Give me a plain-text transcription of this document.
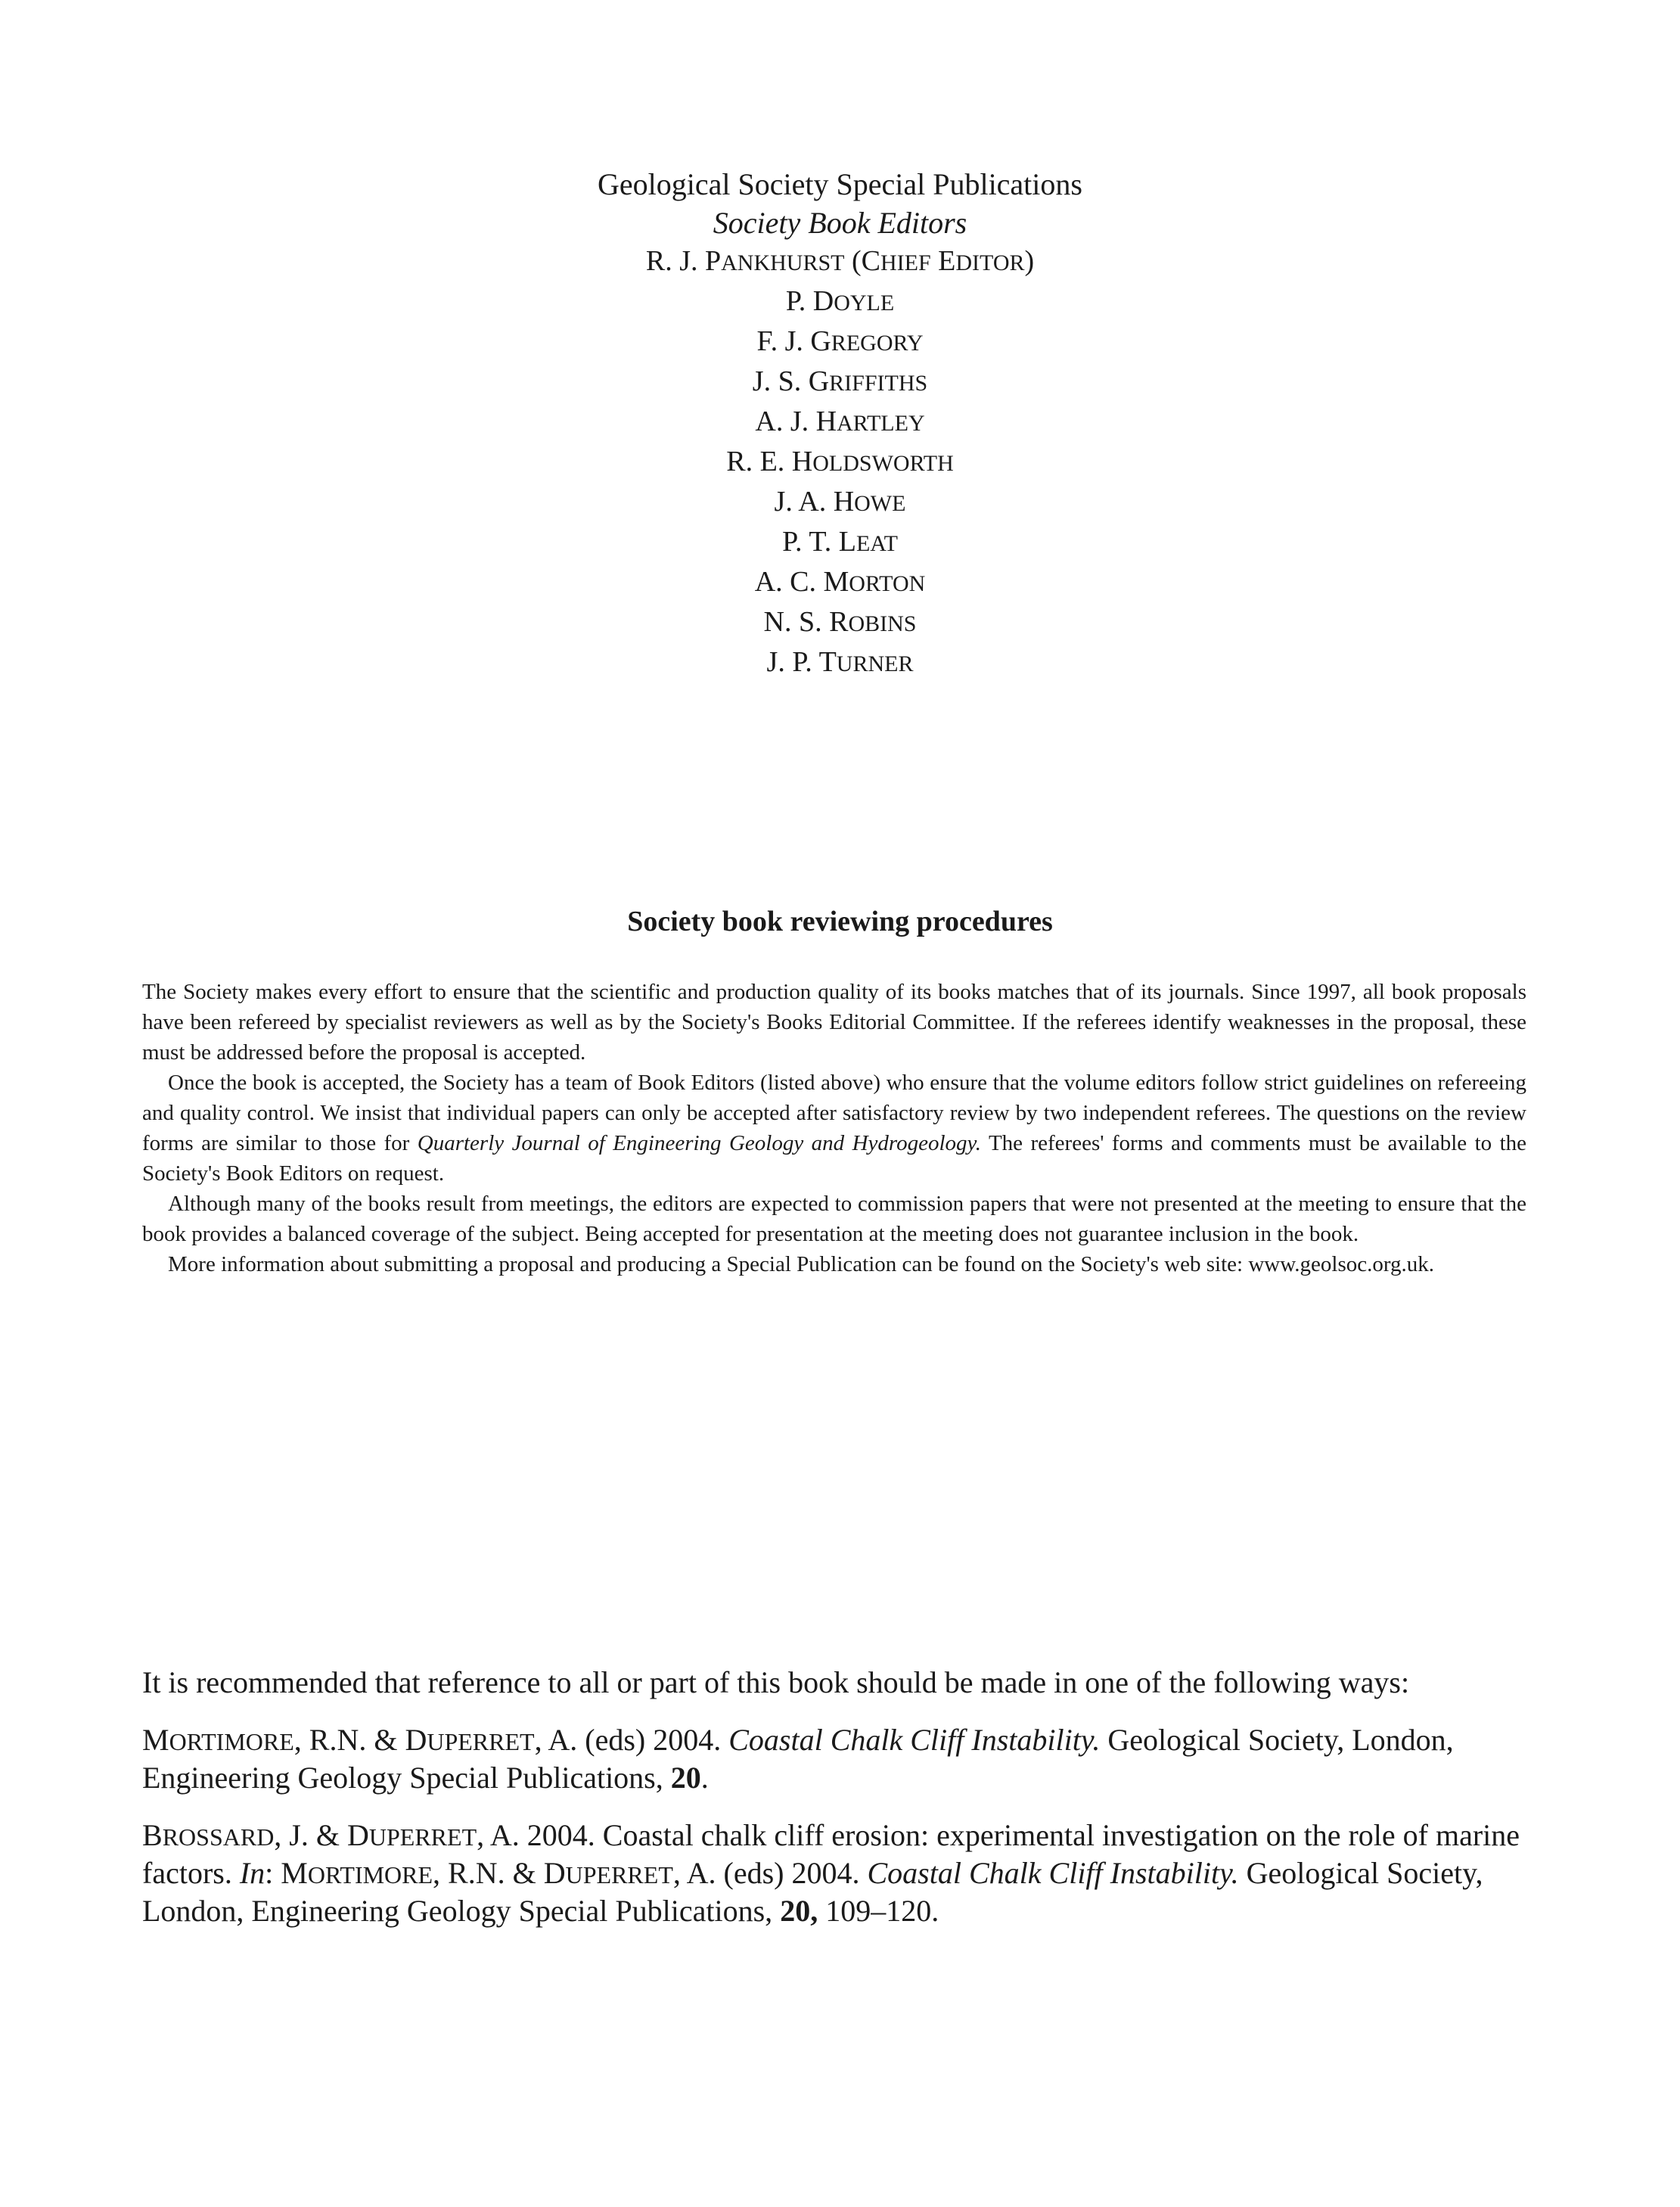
Geological Society Special Publications

Society Book Editors

R. J. PANKHURST (CHIEF EDITOR)

P. DOYLE

F. J. GREGORY

J. S. GRIFFITHS

A. J. HARTLEY

R. E. HOLDSWORTH

J. A. HOWE

P. T. LEAT

A. C. MORTON

N. S. ROBINS

J. P. TURNER

Society book reviewing procedures

The Society makes every effort to ensure that the scientific and production quality of its books matches that of its journals. Since 1997, all book proposals have been refereed by specialist reviewers as well as by the Society's Books Editorial Committee. If the referees identify weaknesses in the proposal, these must be addressed before the proposal is accepted.

Once the book is accepted, the Society has a team of Book Editors (listed above) who ensure that the volume editors follow strict guidelines on refereeing and quality control. We insist that individual papers can only be accepted after satisfactory review by two independent referees. The questions on the review forms are similar to those for Quarterly Journal of Engineering Geology and Hydrogeology. The referees' forms and comments must be available to the Society's Book Editors on request.

Although many of the books result from meetings, the editors are expected to commission papers that were not presented at the meeting to ensure that the book provides a balanced coverage of the subject. Being accepted for presentation at the meeting does not guarantee inclusion in the book.

More information about submitting a proposal and producing a Special Publication can be found on the Society's web site: www.geolsoc.org.uk.

It is recommended that reference to all or part of this book should be made in one of the following ways:

MORTIMORE, R.N. & DUPERRET, A. (eds) 2004. Coastal Chalk Cliff Instability. Geological Society, London, Engineering Geology Special Publications, 20.

BROSSARD, J. & DUPERRET, A. 2004. Coastal chalk cliff erosion: experimental investigation on the role of marine factors. In: MORTIMORE, R.N. & DUPERRET, A. (eds) 2004. Coastal Chalk Cliff Instability. Geological Society, London, Engineering Geology Special Publications, 20, 109–120.
